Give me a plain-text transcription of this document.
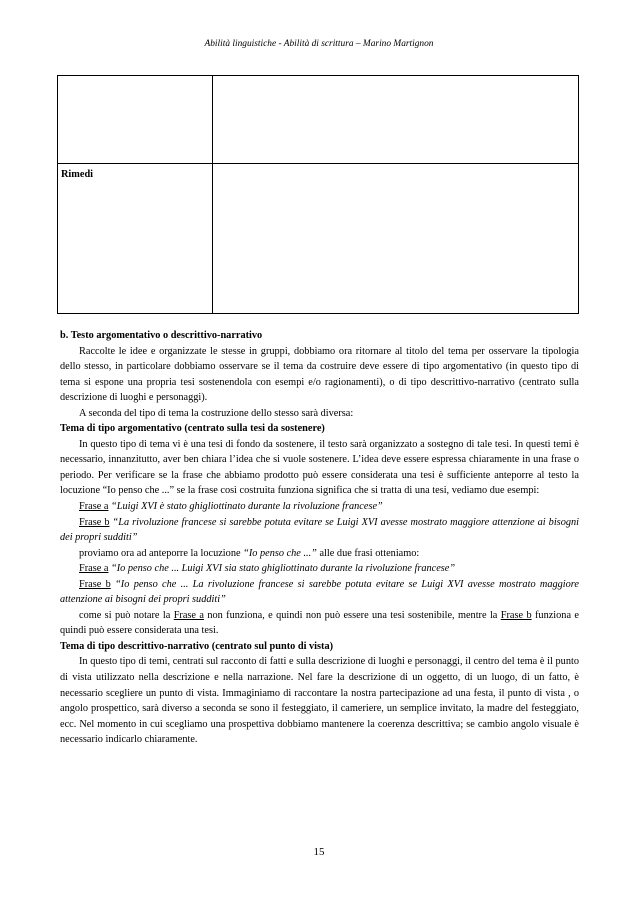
Abilità linguistiche - Abilità di scrittura – Marino Martignon

Rimedi	

b. Testo argomentativo o descrittivo-narrativo

Raccolte le idee e organizzate le stesse in gruppi, dobbiamo ora ritornare al titolo del tema per osservare la tipologia dello stesso, in particolare dobbiamo osservare se il tema da costruire deve essere di tipo argomentativo (in questo tipo di tema si espone una propria tesi sostenendola con esempi e/o ragionamenti), o di tipo descrittivo-narrativo (centrato sulla descrizione di luoghi e personaggi).

A seconda del tipo di tema la costruzione dello stesso sarà diversa:

Tema di tipo argomentativo (centrato sulla tesi da sostenere)

In questo tipo di tema vi è una tesi di fondo da sostenere, il testo sarà organizzato a sostegno di tale tesi. In questi temi è necessario, innanzitutto, aver ben chiara l’idea che si vuole sostenere. L’idea deve essere espressa chiaramente in una frase o periodo. Per verificare se la frase che abbiamo prodotto può essere considerata una tesi è sufficiente anteporre al testo la locuzione “Io penso che ...” se la frase così costruita funziona significa che si tratta di una tesi, vediamo due esempi:

Frase a “Luigi XVI è stato ghigliottinato durante la rivoluzione francese”

Frase b “La rivoluzione francese si sarebbe potuta evitare se Luigi XVI avesse mostrato maggiore attenzione ai bisogni dei propri sudditi”

proviamo ora ad anteporre la locuzione “Io penso che ...” alle due frasi otteniamo:

Frase a “Io penso che ... Luigi XVI sia stato ghigliottinato durante la rivoluzione francese”

Frase b “Io penso che ... La rivoluzione francese si sarebbe potuta evitare se Luigi XVI avesse mostrato maggiore attenzione ai bisogni dei propri sudditi”

come si può notare la Frase a non funziona, e quindi non può essere una tesi sostenibile, mentre la Frase b funziona e quindi può essere considerata una tesi.

Tema di tipo descrittivo-narrativo (centrato sul punto di vista)

In questo tipo di temi, centrati sul racconto di fatti e sulla descrizione di luoghi e personaggi, il centro del tema è il punto di vista utilizzato nella descrizione e nella narrazione. Nel fare la descrizione di un oggetto, di un luogo, di un fatto, è necessario scegliere un punto di vista. Immaginiamo di raccontare la nostra partecipazione ad una festa, il punto di vista , o angolo prospettico, sarà diverso a seconda se sono il festeggiato, il cameriere, un semplice invitato, la madre del festeggiato, ecc. Nel momento in cui scegliamo una prospettiva dobbiamo mantenere la coerenza descrittiva; se cambio angolo visuale è necessario indicarlo chiaramente.

15
